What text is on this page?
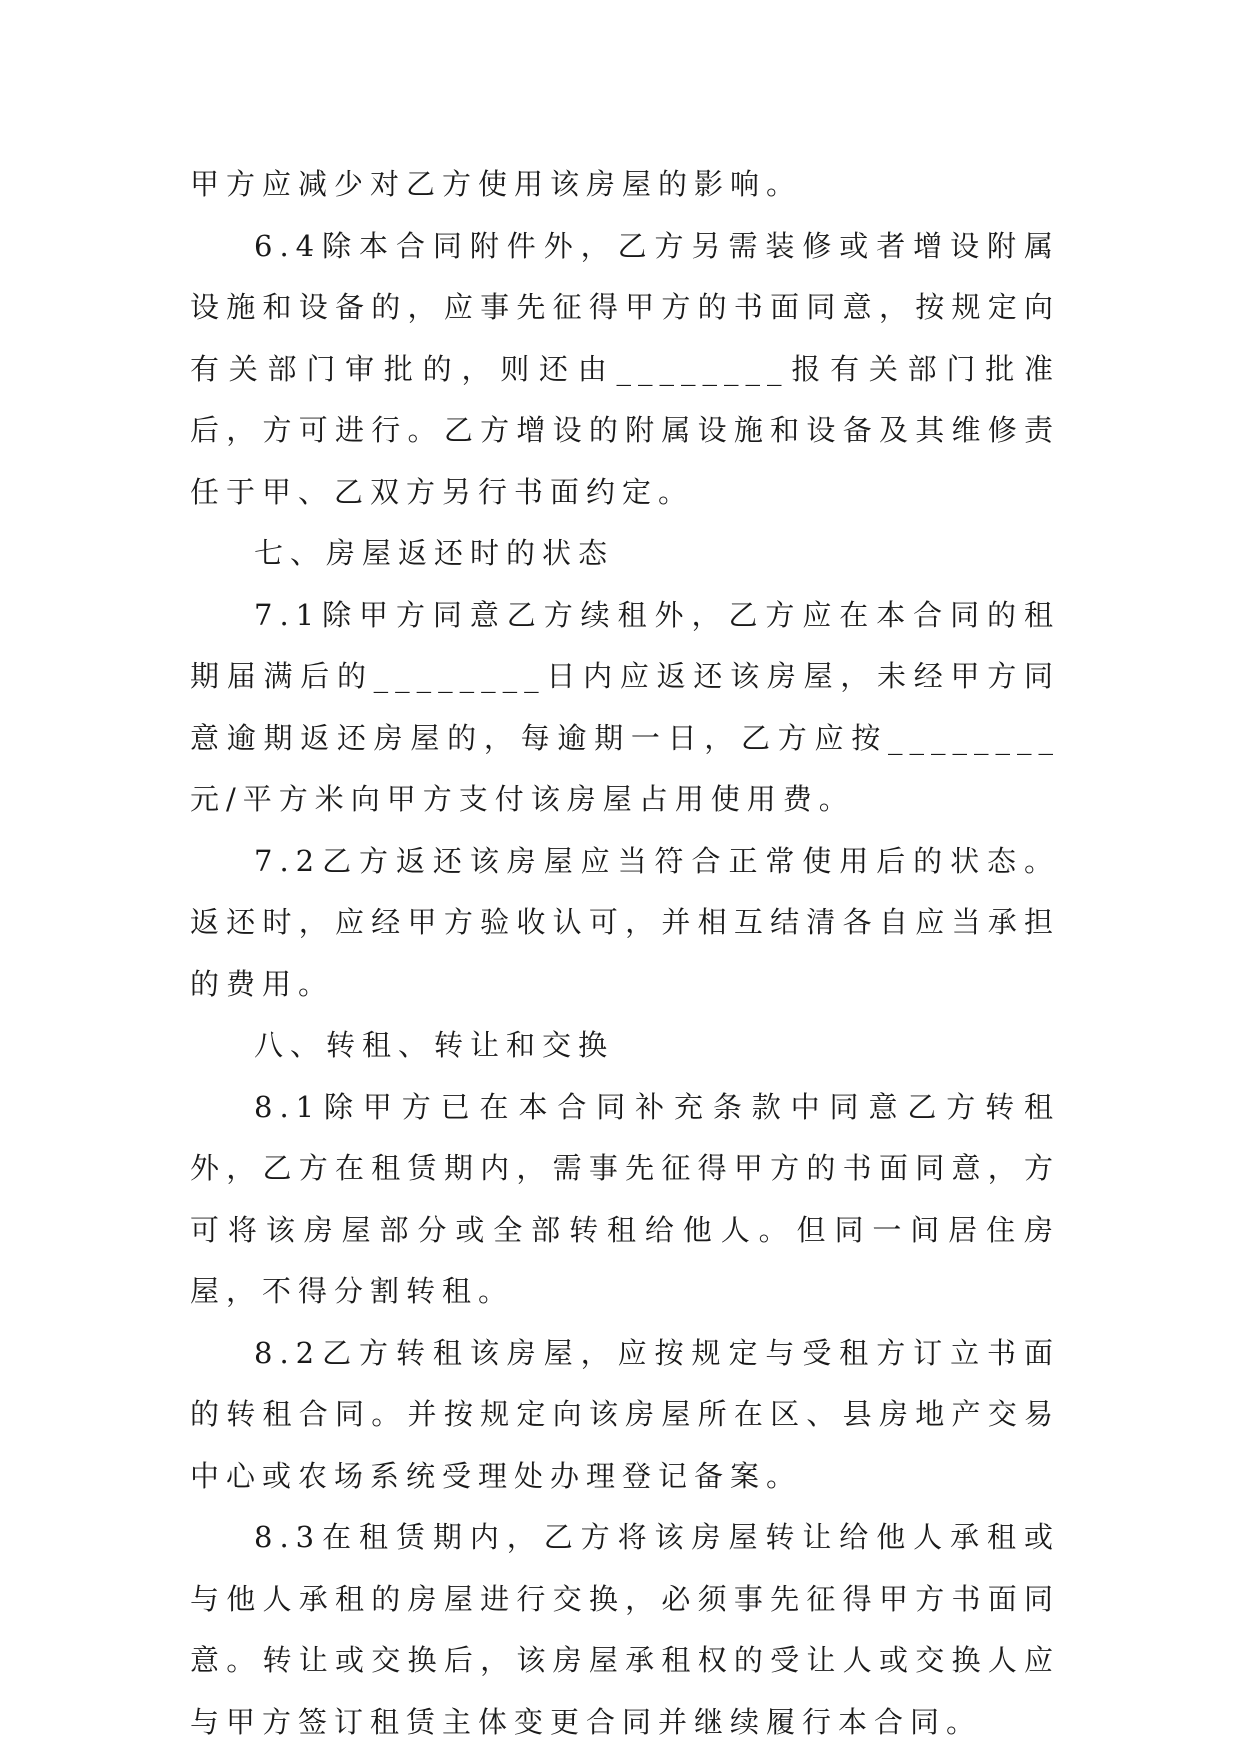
甲方应减少对乙方使用该房屋的影响。

6.4除本合同附件外，乙方另需装修或者增设附属设施和设备的，应事先征得甲方的书面同意，按规定向有关部门审批的，则还由________报有关部门批准后，方可进行。乙方增设的附属设施和设备及其维修责任于甲、乙双方另行书面约定。

七、房屋返还时的状态

7.1除甲方同意乙方续租外，乙方应在本合同的租期届满后的________日内应返还该房屋，未经甲方同意逾期返还房屋的，每逾期一日，乙方应按________元/平方米向甲方支付该房屋占用使用费。

7.2乙方返还该房屋应当符合正常使用后的状态。返还时，应经甲方验收认可，并相互结清各自应当承担的费用。

八、转租、转让和交换

8.1除甲方已在本合同补充条款中同意乙方转租外，乙方在租赁期内，需事先征得甲方的书面同意，方可将该房屋部分或全部转租给他人。但同一间居住房屋，不得分割转租。

8.2乙方转租该房屋，应按规定与受租方订立书面的转租合同。并按规定向该房屋所在区、县房地产交易中心或农场系统受理处办理登记备案。

8.3在租赁期内，乙方将该房屋转让给他人承租或与他人承租的房屋进行交换，必须事先征得甲方书面同意。转让或交换后，该房屋承租权的受让人或交换人应与甲方签订租赁主体变更合同并继续履行本合同。
